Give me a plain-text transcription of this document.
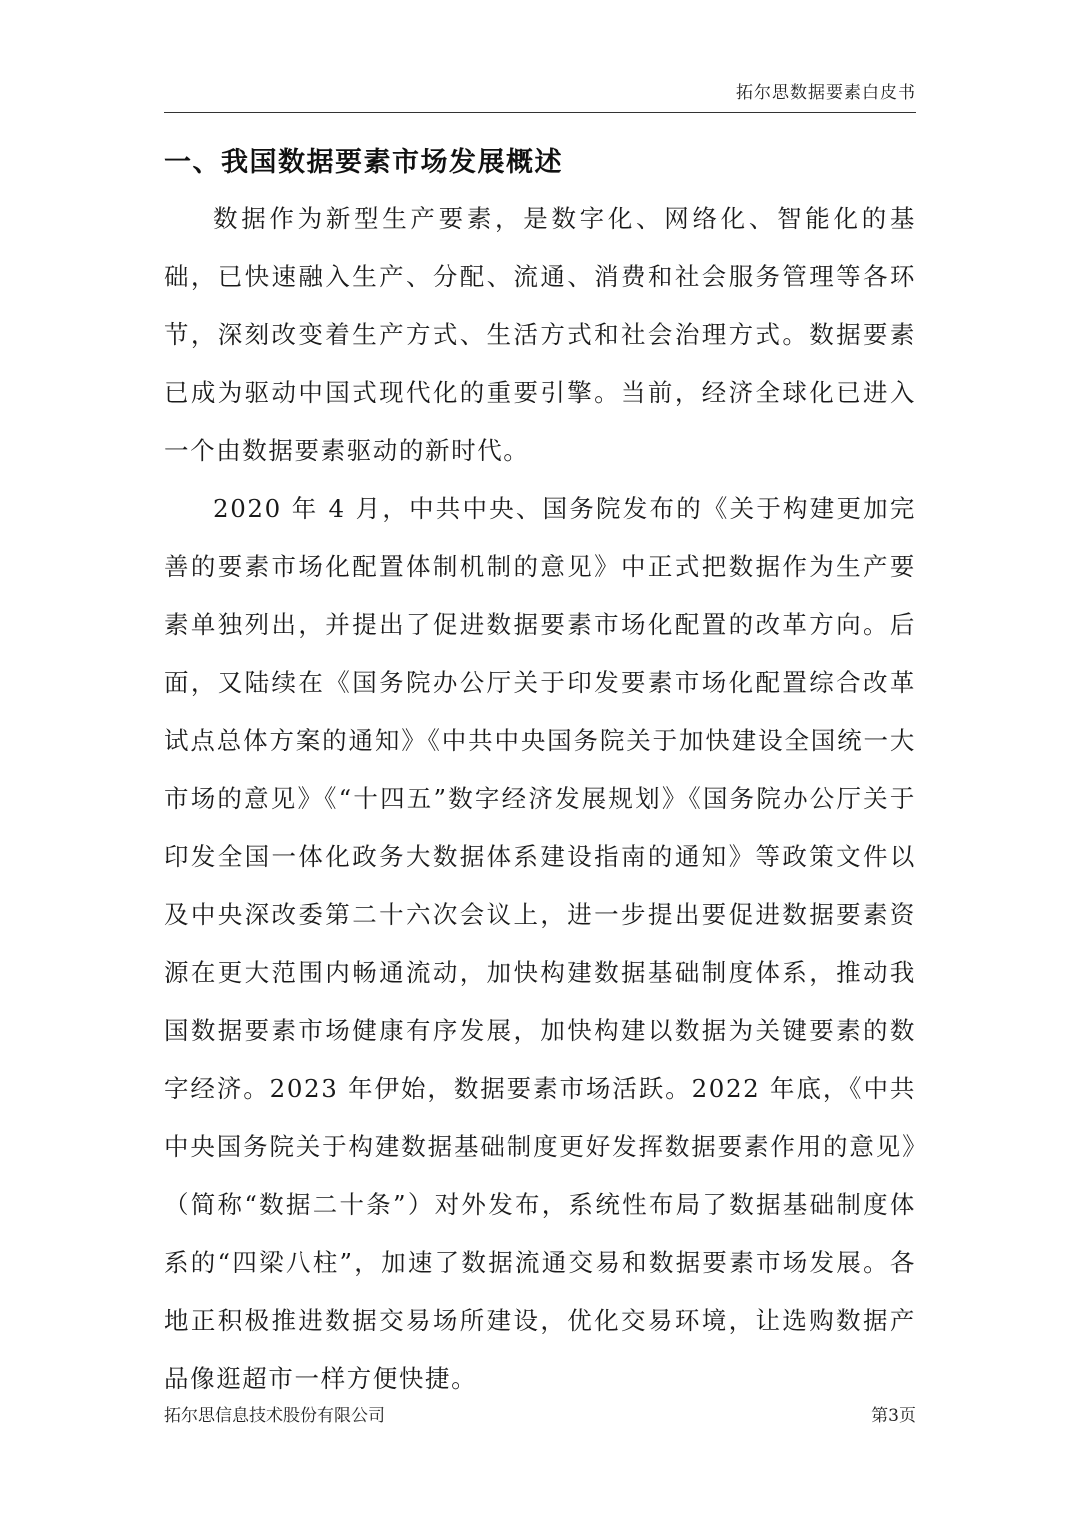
拓尔思数据要素白皮书
一、我国数据要素市场发展概述

数据作为新型生产要素，是数字化、网络化、智能化的基础，已快速融入生产、分配、流通、消费和社会服务管理等各环节，深刻改变着生产方式、生活方式和社会治理方式。数据要素已成为驱动中国式现代化的重要引擎。当前，经济全球化已进入一个由数据要素驱动的新时代。

2020 年 4 月，中共中央、国务院发布的《关于构建更加完善的要素市场化配置体制机制的意见》中正式把数据作为生产要素单独列出，并提出了促进数据要素市场化配置的改革方向。后面，又陆续在《国务院办公厅关于印发要素市场化配置综合改革试点总体方案的通知》《中共中央国务院关于加快建设全国统一大市场的意见》《“十四五”数字经济发展规划》《国务院办公厅关于印发全国一体化政务大数据体系建设指南的通知》等政策文件以及中央深改委第二十六次会议上，进一步提出要促进数据要素资源在更大范围内畅通流动，加快构建数据基础制度体系，推动我国数据要素市场健康有序发展，加快构建以数据为关键要素的数字经济。2023 年伊始，数据要素市场活跃。2022 年底，《中共中央国务院关于构建数据基础制度更好发挥数据要素作用的意见》（简称“数据二十条”）对外发布，系统性布局了数据基础制度体系的“四梁八柱”，加速了数据流通交易和数据要素市场发展。各地正积极推进数据交易场所建设，优化交易环境，让选购数据产品像逛超市一样方便快捷。

拓尔思信息技术股份有限公司	第3页
